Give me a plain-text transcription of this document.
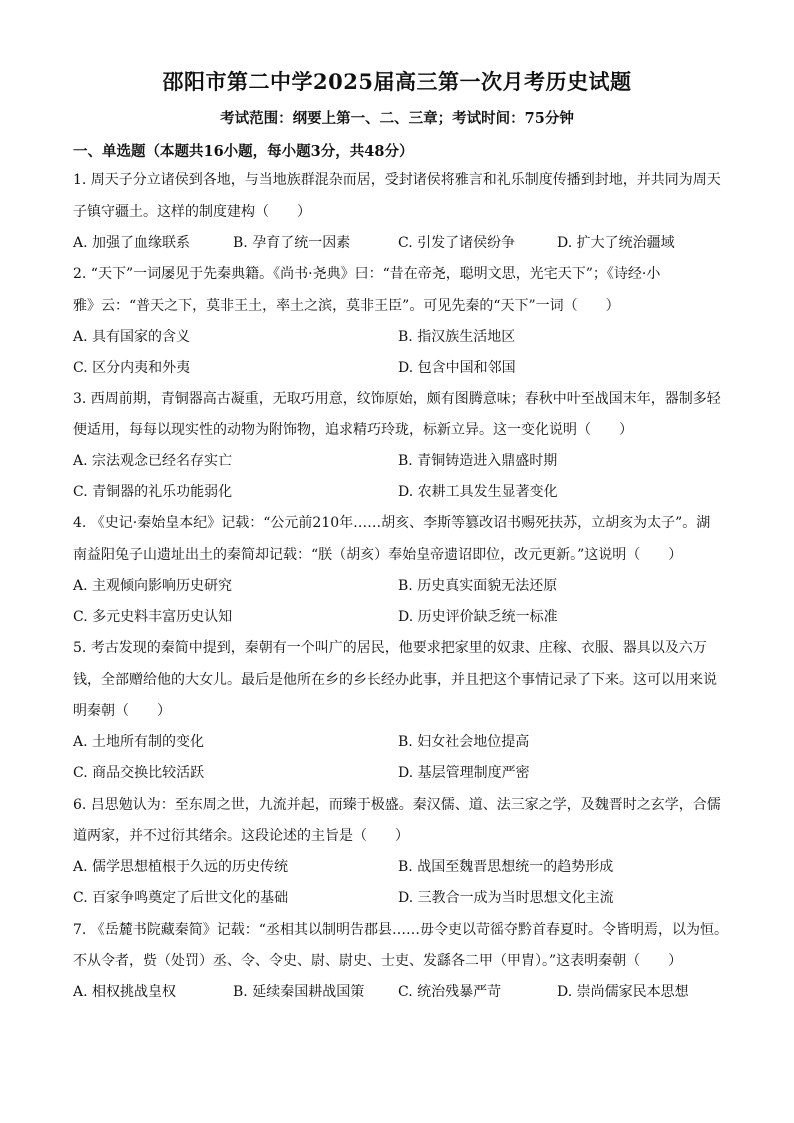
邵阳市第二中学2025届高三第一次月考历史试题
考试范围：纲要上第一、二、三章；考试时间：75分钟
一、单选题（本题共16小题，每小题3分，共48分）
1. 周天子分立诸侯到各地，与当地族群混杂而居，受封诸侯将雅言和礼乐制度传播到封地，并共同为周天
子镇守疆土。这样的制度建构（　　）
A. 加强了血缘联系	B. 孕育了统一因素	C. 引发了诸侯纷争	D. 扩大了统治疆域
2. “天下”一词屡见于先秦典籍。《尚书·尧典》曰：“昔在帝尧，聪明文思，光宅天下”；《诗经·小
雅》云：“普天之下，莫非王土，率土之滨，莫非王臣”。可见先秦的“天下”一词（　　）
A. 具有国家的含义	B. 指汉族生活地区
C. 区分内夷和外夷	D. 包含中国和邻国
3. 西周前期，青铜器高古凝重，无取巧用意，纹饰原始，颇有图腾意味；春秋中叶至战国末年，器制多轻
便适用，每每以现实性的动物为附饰物，追求精巧玲珑，标新立异。这一变化说明（　　）
A. 宗法观念已经名存实亡	B. 青铜铸造进入鼎盛时期
C. 青铜器的礼乐功能弱化	D. 农耕工具发生显著变化
4. 《史记·秦始皇本纪》记载：“公元前210年……胡亥、李斯等篡改诏书赐死扶苏，立胡亥为太子”。湖
南益阳兔子山遗址出土的秦简却记载：“朕（胡亥）奉始皇帝遗诏即位，改元更新。”这说明（　　）
A. 主观倾向影响历史研究	B. 历史真实面貌无法还原
C. 多元史料丰富历史认知	D. 历史评价缺乏统一标准
5. 考古发现的秦简中提到，秦朝有一个叫广的居民，他要求把家里的奴隶、庄稼、衣服、器具以及六万
钱，全部赠给他的大女儿。最后是他所在乡的乡长经办此事，并且把这个事情记录了下来。这可以用来说
明秦朝（　　）
A. 土地所有制的变化	B. 妇女社会地位提高
C. 商品交换比较活跃	D. 基层管理制度严密
6. 吕思勉认为：至东周之世，九流并起，而臻于极盛。秦汉儒、道、法三家之学，及魏晋时之玄学，合儒
道两家，并不过衍其绪余。这段论述的主旨是（　　）
A. 儒学思想植根于久远的历史传统	B. 战国至魏晋思想统一的趋势形成
C. 百家争鸣奠定了后世文化的基础	D. 三教合一成为当时思想文化主流
7. 《岳麓书院藏秦简》记载：“丞相其以制明告郡县……毋令吏以苛徭夺黔首春夏时。令皆明焉，以为恒。
不从令者，赀（处罚）丞、令、令史、尉、尉史、士吏、发繇各二甲（甲胄）。”这表明秦朝（　　）
A. 相权挑战皇权	B. 延续秦国耕战国策 C. 统治残暴严苛	D. 崇尚儒家民本思想
